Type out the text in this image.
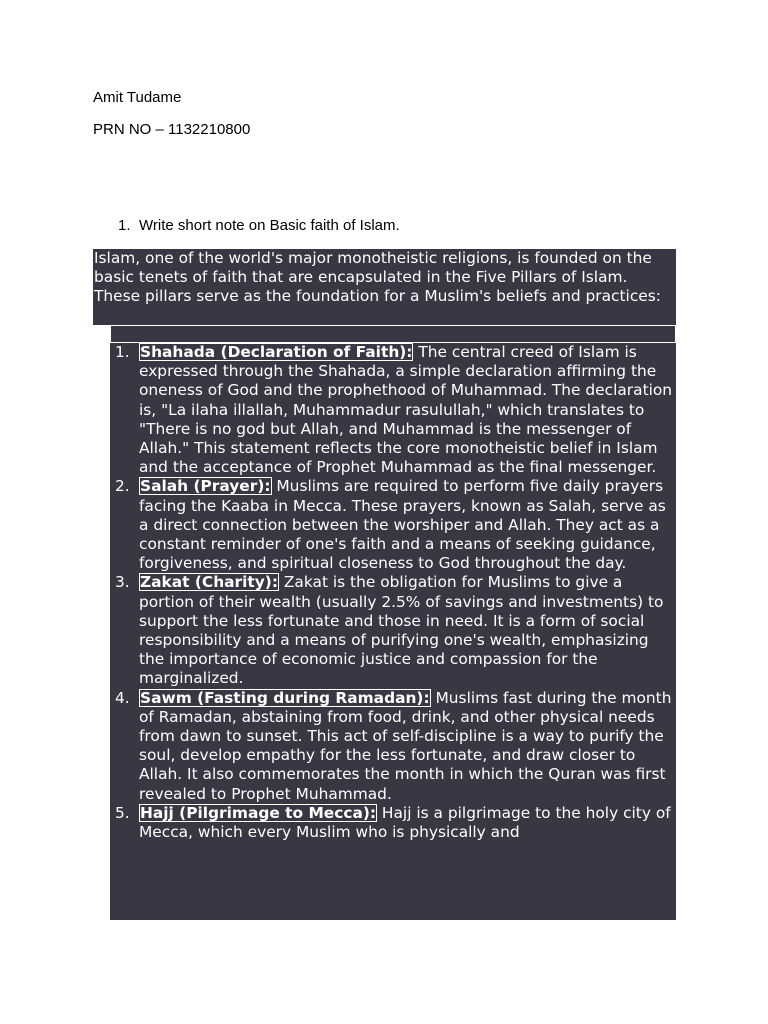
Amit Tudame
PRN NO – 1132210800
1. Write short note on Basic faith of Islam.
Islam, one of the world's major monotheistic religions, is founded on the basic tenets of faith that are encapsulated in the Five Pillars of Islam. These pillars serve as the foundation for a Muslim's beliefs and practices:
1. Shahada (Declaration of Faith): The central creed of Islam is expressed through the Shahada, a simple declaration affirming the oneness of God and the prophethood of Muhammad. The declaration is, "La ilaha illallah, Muhammadur rasulullah," which translates to "There is no god but Allah, and Muhammad is the messenger of Allah." This statement reflects the core monotheistic belief in Islam and the acceptance of Prophet Muhammad as the final messenger.
2. Salah (Prayer): Muslims are required to perform five daily prayers facing the Kaaba in Mecca. These prayers, known as Salah, serve as a direct connection between the worshiper and Allah. They act as a constant reminder of one's faith and a means of seeking guidance, forgiveness, and spiritual closeness to God throughout the day.
3. Zakat (Charity): Zakat is the obligation for Muslims to give a portion of their wealth (usually 2.5% of savings and investments) to support the less fortunate and those in need. It is a form of social responsibility and a means of purifying one's wealth, emphasizing the importance of economic justice and compassion for the marginalized.
4. Sawm (Fasting during Ramadan): Muslims fast during the month of Ramadan, abstaining from food, drink, and other physical needs from dawn to sunset. This act of self-discipline is a way to purify the soul, develop empathy for the less fortunate, and draw closer to Allah. It also commemorates the month in which the Quran was first revealed to Prophet Muhammad.
5. Hajj (Pilgrimage to Mecca): Hajj is a pilgrimage to the holy city of Mecca, which every Muslim who is physically and
